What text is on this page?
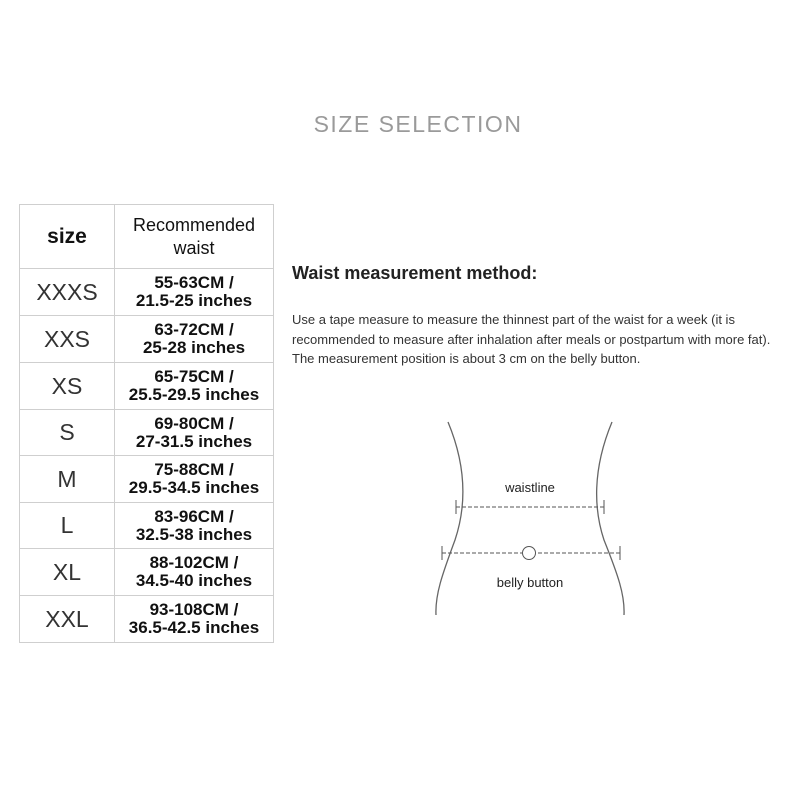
SIZE SELECTION
size	Recommended
waist

XXXS	55-63CM /
21.5-25 inches

XXS	63-72CM /
25-28 inches

XS	65-75CM /
25.5-29.5 inches

S	69-80CM /
27-31.5 inches

M	75-88CM /
29.5-34.5 inches

L	83-96CM /
32.5-38 inches

XL	88-102CM /
34.5-40 inches

XXL	93-108CM /
36.5-42.5 inches
Waist measurement method:
Use a tape measure to measure the thinnest part of the waist for a week (it is recommended to measure after inhalation after meals or postpartum with more fat). The measurement position is about 3 cm on the belly button.
waistline
belly button
